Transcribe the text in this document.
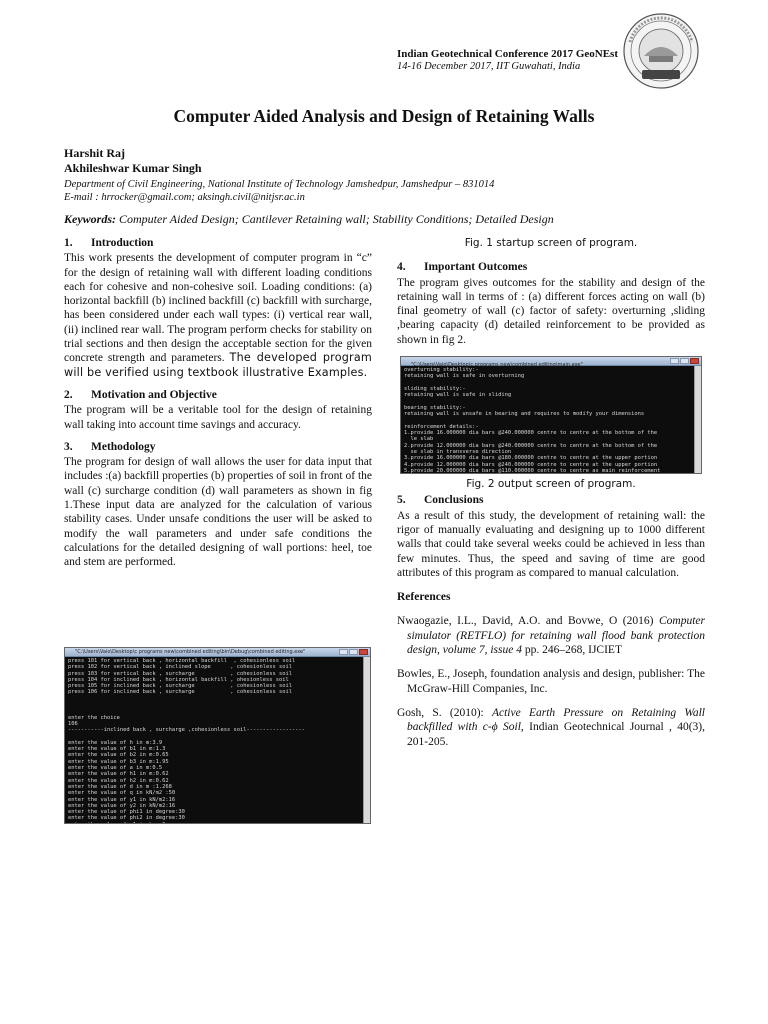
Indian Geotechnical Conference 2017 GeoNEst
14-16 December 2017, IIT Guwahati, India
Computer Aided Analysis and Design of Retaining Walls
Harshit Raj
Akhileshwar Kumar Singh
Department of Civil Engineering, National Institute of Technology Jamshedpur, Jamshedpur – 831014
E-mail : hrrocker@gmail.com; aksingh.civil@nitjsr.ac.in
Keywords: Computer Aided Design; Cantilever Retaining wall; Stability Conditions; Detailed Design
1. Introduction

This work presents the development of computer program in “c” for the design of retaining wall with different loading conditions each for cohesive and non-cohesive soil. Loading conditions: (a) horizontal backfill (b) inclined backfill (c) backfill with surcharge, has been considered under each wall types: (i) vertical rear wall, (ii) inclined rear wall. The program perform checks for stability on trial sections and then design the acceptable section for the given concrete strength and parameters. The developed program will be verified using textbook illustrative Examples.

2. Motivation and Objective

The program will be a veritable tool for the design of retaining wall taking into account time savings and accuracy.

3. Methodology

The program for design of wall allows the user for data input that includes :(a) backfill properties (b) properties of soil in front of the wall (c) surcharge condition (d) wall parameters as shown in fig 1.These input data are analyzed for the calculation of various stability cases. Under unsafe conditions the user will be asked to modify the wall parameters and under safe conditions the calculations for the detailed designing of wall portions: heel, toe and stem are performed.

"C:\Users\Vaio\Desktop\c programs new\combined editing\bin\Debug\combined editing.exe"
press 101 for vertical back , horizontal backfill  , cohesionless soil
press 102 for vertical back , inclined slope      , cohesionless soil
press 103 for vertical back , surcharge           , cohesionless soil
press 104 for inclined back , horizontal backfill , ohesionless soil
press 105 for inclined back , surcharge           , cohesionless soil
press 106 for inclined back , surcharge           , cohesionless soil

enter the choice
106
-----------inclined back , surcharge ,cohesionless soil------------------

enter the value of h in m:3.9
enter the value of b1 in m:1.3
enter the value of b2 in m:0.65
enter the value of b3 in m:1.95
enter the value of a in m:0.5
enter the value of h1 in m:0.62
enter the value of h2 in m:0.62
enter the value of d in m :1.268
enter the value of q in kN/m2 :50
enter the value of y1 in kN/m2:16
enter the value of y2 in kN/m2:16
enter the value of phi1 in degree:30
enter the value of phi2 in degree:30
Fig. 1 startup screen of program.
4. Important Outcomes

The program gives outcomes for the stability and design of the retaining wall in terms of : (a) different forces acting on wall (b) final geometry of wall (c) factor of safety: overturning ,sliding ,bearing capacity (d) detailed reinforcement to be provided as shown in fig 2.

"C:\Users\Vaio\Desktop\c programs new\combined editing\main.exe"
overturning stability:-
retaining wall is safe in overturning

sliding stability:-
retaining wall is safe in sliding

bearing stability:-
retaining wall is unsafe in bearing and requires to modify your dimensions

reinforcement details:-
1.provide 16.000000 dia bars @240.000000 centre to centre at the bottom of the
le slab
2.provide 12.000000 dia bars @240.000000 centre to centre at the bottom of the
se slab in transverse direction
3.provide 16.000000 dia bars @180.000000 centre to centre at the upper portion
4.provide 12.000000 dia bars @240.000000 centre to centre at the upper portion
5.provide 20.000000 dia bars @110.000000 centre to centre as main reinforcement

Fig. 2 output screen of program.
5. Conclusions

As a result of this study, the development of retaining wall: the rigor of manually evaluating and designing up to 1000 different walls that could take several weeks could be achieved in less than few minutes. Thus, the speed and saving of time are good attributes of this program as compared to manual calculation.

References
Nwaogazie, I.L., David, A.O. and Bovwe, O (2016) Computer simulator (RETFLO) for retaining wall flood bank protection design, volume 7, issue 4 pp. 246–268, IJCIET
Bowles, E., Joseph, foundation analysis and design, publisher: The McGraw-Hill Companies, Inc.
Gosh, S. (2010): Active Earth Pressure on Retaining Wall backfilled with c-ϕ Soil, Indian Geotechnical Journal , 40(3), 201-205.
